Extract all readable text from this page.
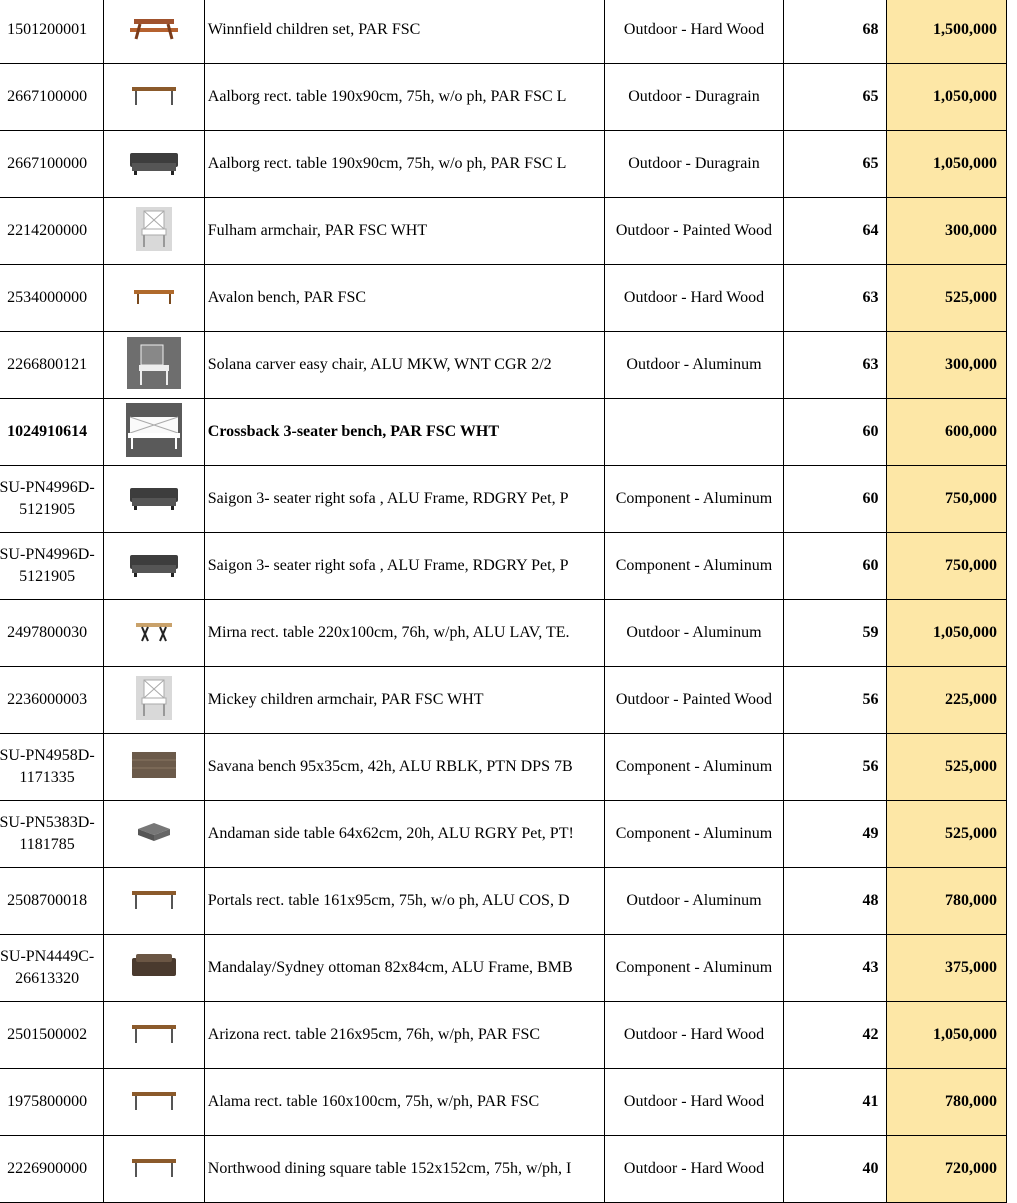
1501200001		Winnfield children set, PAR FSC	Outdoor - Hard Wood	68	1,500,000
2667100000		Aalborg rect. table 190x90cm, 75h, w/o ph, PAR FSC L	Outdoor - Duragrain	65	1,050,000
2667100000		Aalborg rect. table 190x90cm, 75h, w/o ph, PAR FSC L	Outdoor - Duragrain	65	1,050,000
2214200000		Fulham armchair, PAR FSC WHT	Outdoor - Painted Wood	64	300,000
2534000000		Avalon bench, PAR FSC	Outdoor - Hard Wood	63	525,000
2266800121		Solana carver easy chair, ALU MKW, WNT CGR 2/2	Outdoor - Aluminum	63	300,000
1024910614		Crossback 3-seater bench, PAR FSC WHT		60	600,000
SU-PN4996D-5121905		Saigon 3- seater right sofa , ALU Frame, RDGRY Pet, P	Component - Aluminum	60	750,000
SU-PN4996D-5121905		Saigon 3- seater right sofa , ALU Frame, RDGRY Pet, P	Component - Aluminum	60	750,000
2497800030		Mirna rect. table 220x100cm, 76h, w/ph, ALU LAV, TE.	Outdoor - Aluminum	59	1,050,000
2236000003		Mickey children armchair, PAR FSC WHT	Outdoor - Painted Wood	56	225,000
SU-PN4958D-1171335		Savana bench 95x35cm, 42h, ALU RBLK, PTN DPS 7B	Component - Aluminum	56	525,000
SU-PN5383D-1181785		Andaman side table 64x62cm, 20h, ALU RGRY Pet, PT!	Component - Aluminum	49	525,000
2508700018		Portals rect. table 161x95cm, 75h, w/o ph, ALU COS, D	Outdoor - Aluminum	48	780,000
SU-PN4449C-26613320		Mandalay/Sydney ottoman 82x84cm, ALU Frame, BMB	Component - Aluminum	43	375,000
2501500002		Arizona rect. table 216x95cm, 76h, w/ph, PAR FSC	Outdoor - Hard Wood	42	1,050,000
1975800000		Alama rect. table 160x100cm, 75h, w/ph, PAR FSC	Outdoor - Hard Wood	41	780,000
2226900000		Northwood dining square table 152x152cm, 75h, w/ph, I	Outdoor - Hard Wood	40	720,000
